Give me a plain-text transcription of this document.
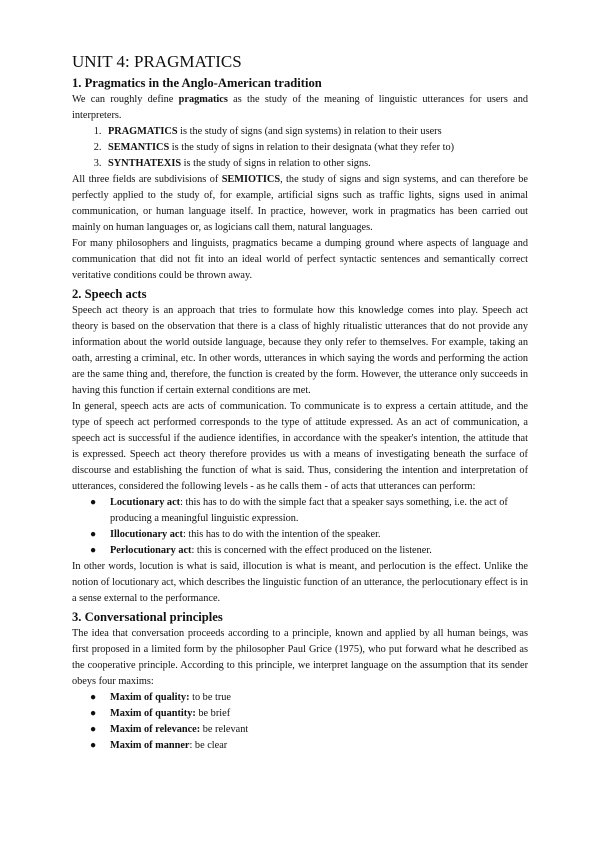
UNIT 4: PRAGMATICS
1. Pragmatics in the Anglo-American tradition

We can roughly define pragmatics as the study of the meaning of linguistic utterances for users and interpreters.

1. PRAGMATICS is the study of signs (and sign systems) in relation to their users
2. SEMANTICS is the study of signs in relation to their designata (what they refer to)
3. SYNTHATEXIS is the study of signs in relation to other signs.

All three fields are subdivisions of SEMIOTICS, the study of signs and sign systems, and can therefore be perfectly applied to the study of, for example, artificial signs such as traffic lights, signs used in animal communication, or human language itself. In practice, however, work in pragmatics has been carried out mainly on human languages or, as logicians call them, natural languages.

For many philosophers and linguists, pragmatics became a dumping ground where aspects of language and communication that did not fit into an ideal world of perfect syntactic sentences and semantically correct veritative conditions could be thrown away.

2. Speech acts

Speech act theory is an approach that tries to formulate how this knowledge comes into play. Speech act theory is based on the observation that there is a class of highly ritualistic utterances that do not provide any information about the world outside language, because they only refer to themselves. For example, taking an oath, arresting a criminal, etc. In other words, utterances in which saying the words and performing the action are the same thing and, therefore, the function is created by the form. However, the utterance only succeeds in having this function if certain external conditions are met.

In general, speech acts are acts of communication. To communicate is to express a certain attitude, and the type of speech act performed corresponds to the type of attitude expressed. As an act of communication, a speech act is successful if the audience identifies, in accordance with the speaker's intention, the attitude that is expressed. Speech act theory therefore provides us with a means of investigating beneath the surface of discourse and establishing the function of what is said. Thus, considering the intention and interpretation of utterances, considered the following levels - as he calls them - of acts that utterances can perform:

● Locutionary act: this has to do with the simple fact that a speaker says something, i.e. the act of producing a meaningful linguistic expression.
● Illocutionary act: this has to do with the intention of the speaker.
● Perlocutionary act: this is concerned with the effect produced on the listener.

In other words, locution is what is said, illocution is what is meant, and perlocution is the effect. Unlike the notion of locutionary act, which describes the linguistic function of an utterance, the perlocutionary effect is in a sense external to the performance.

3. Conversational principles

The idea that conversation proceeds according to a principle, known and applied by all human beings, was first proposed in a limited form by the philosopher Paul Grice (1975), who put forward what he described as the cooperative principle. According to this principle, we interpret language on the assumption that its sender obeys four maxims:

● Maxim of quality: to be true
● Maxim of quantity: be brief
● Maxim of relevance: be relevant
● Maxim of manner: be clear
